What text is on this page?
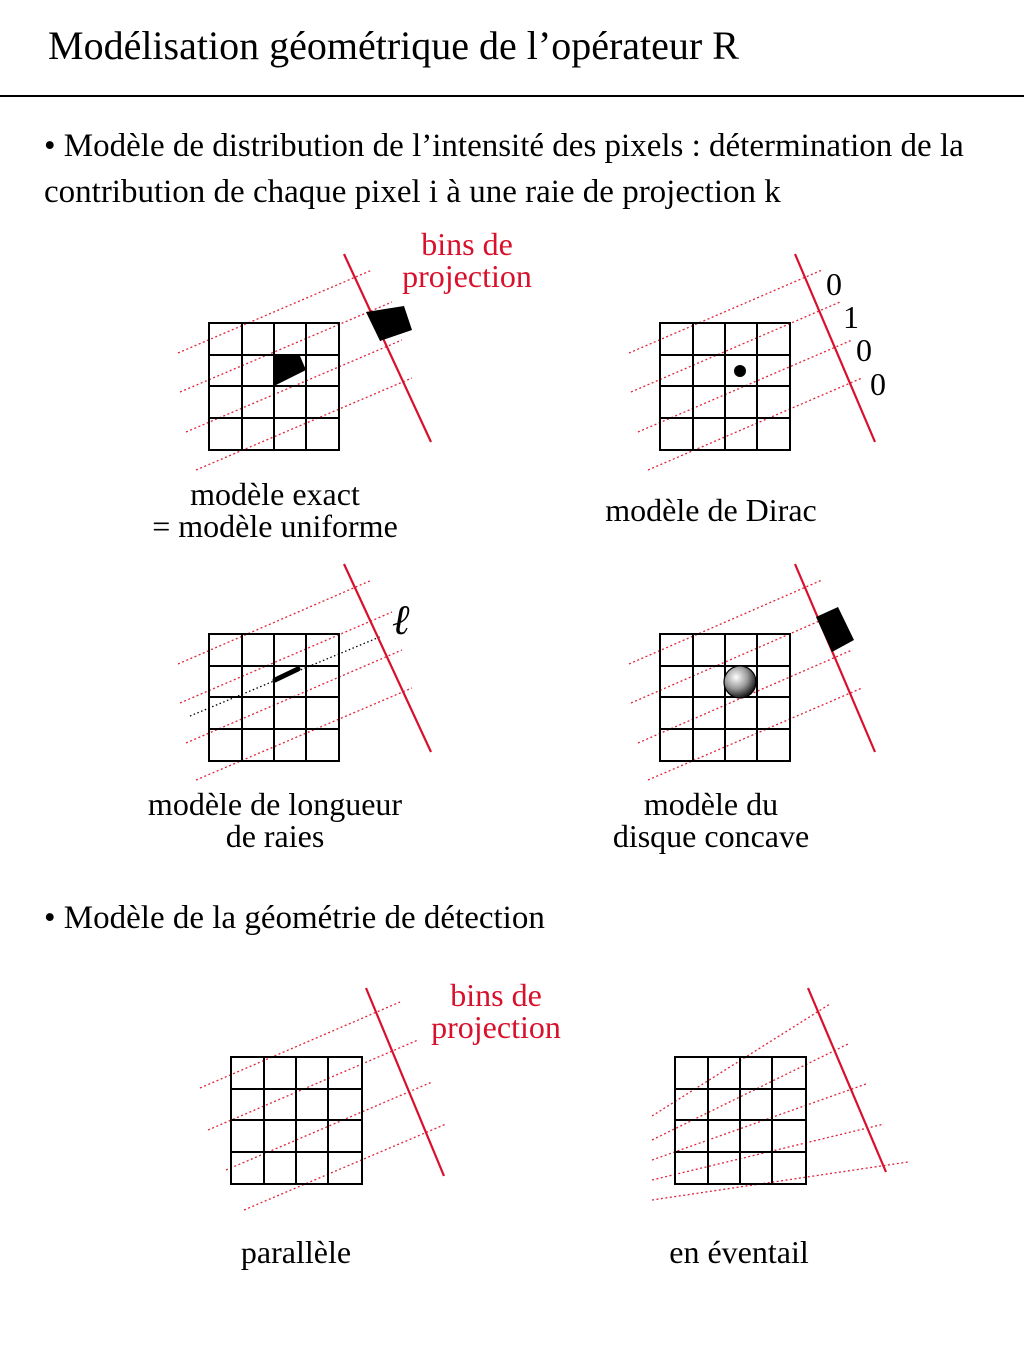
Modélisation géométrique de l’opérateur R
• Modèle de distribution de l’intensité des pixels : détermination de la contribution de chaque pixel i à une raie de projection k
bins de
projection	0
1
0
0
ℓ
modèle exact
= modèle uniforme	modèle de Dirac
modèle de longueur
de raies
modèle du
disque concave
• Modèle de la géométrie de détection
bins de
projection
parallèle	en éventail
